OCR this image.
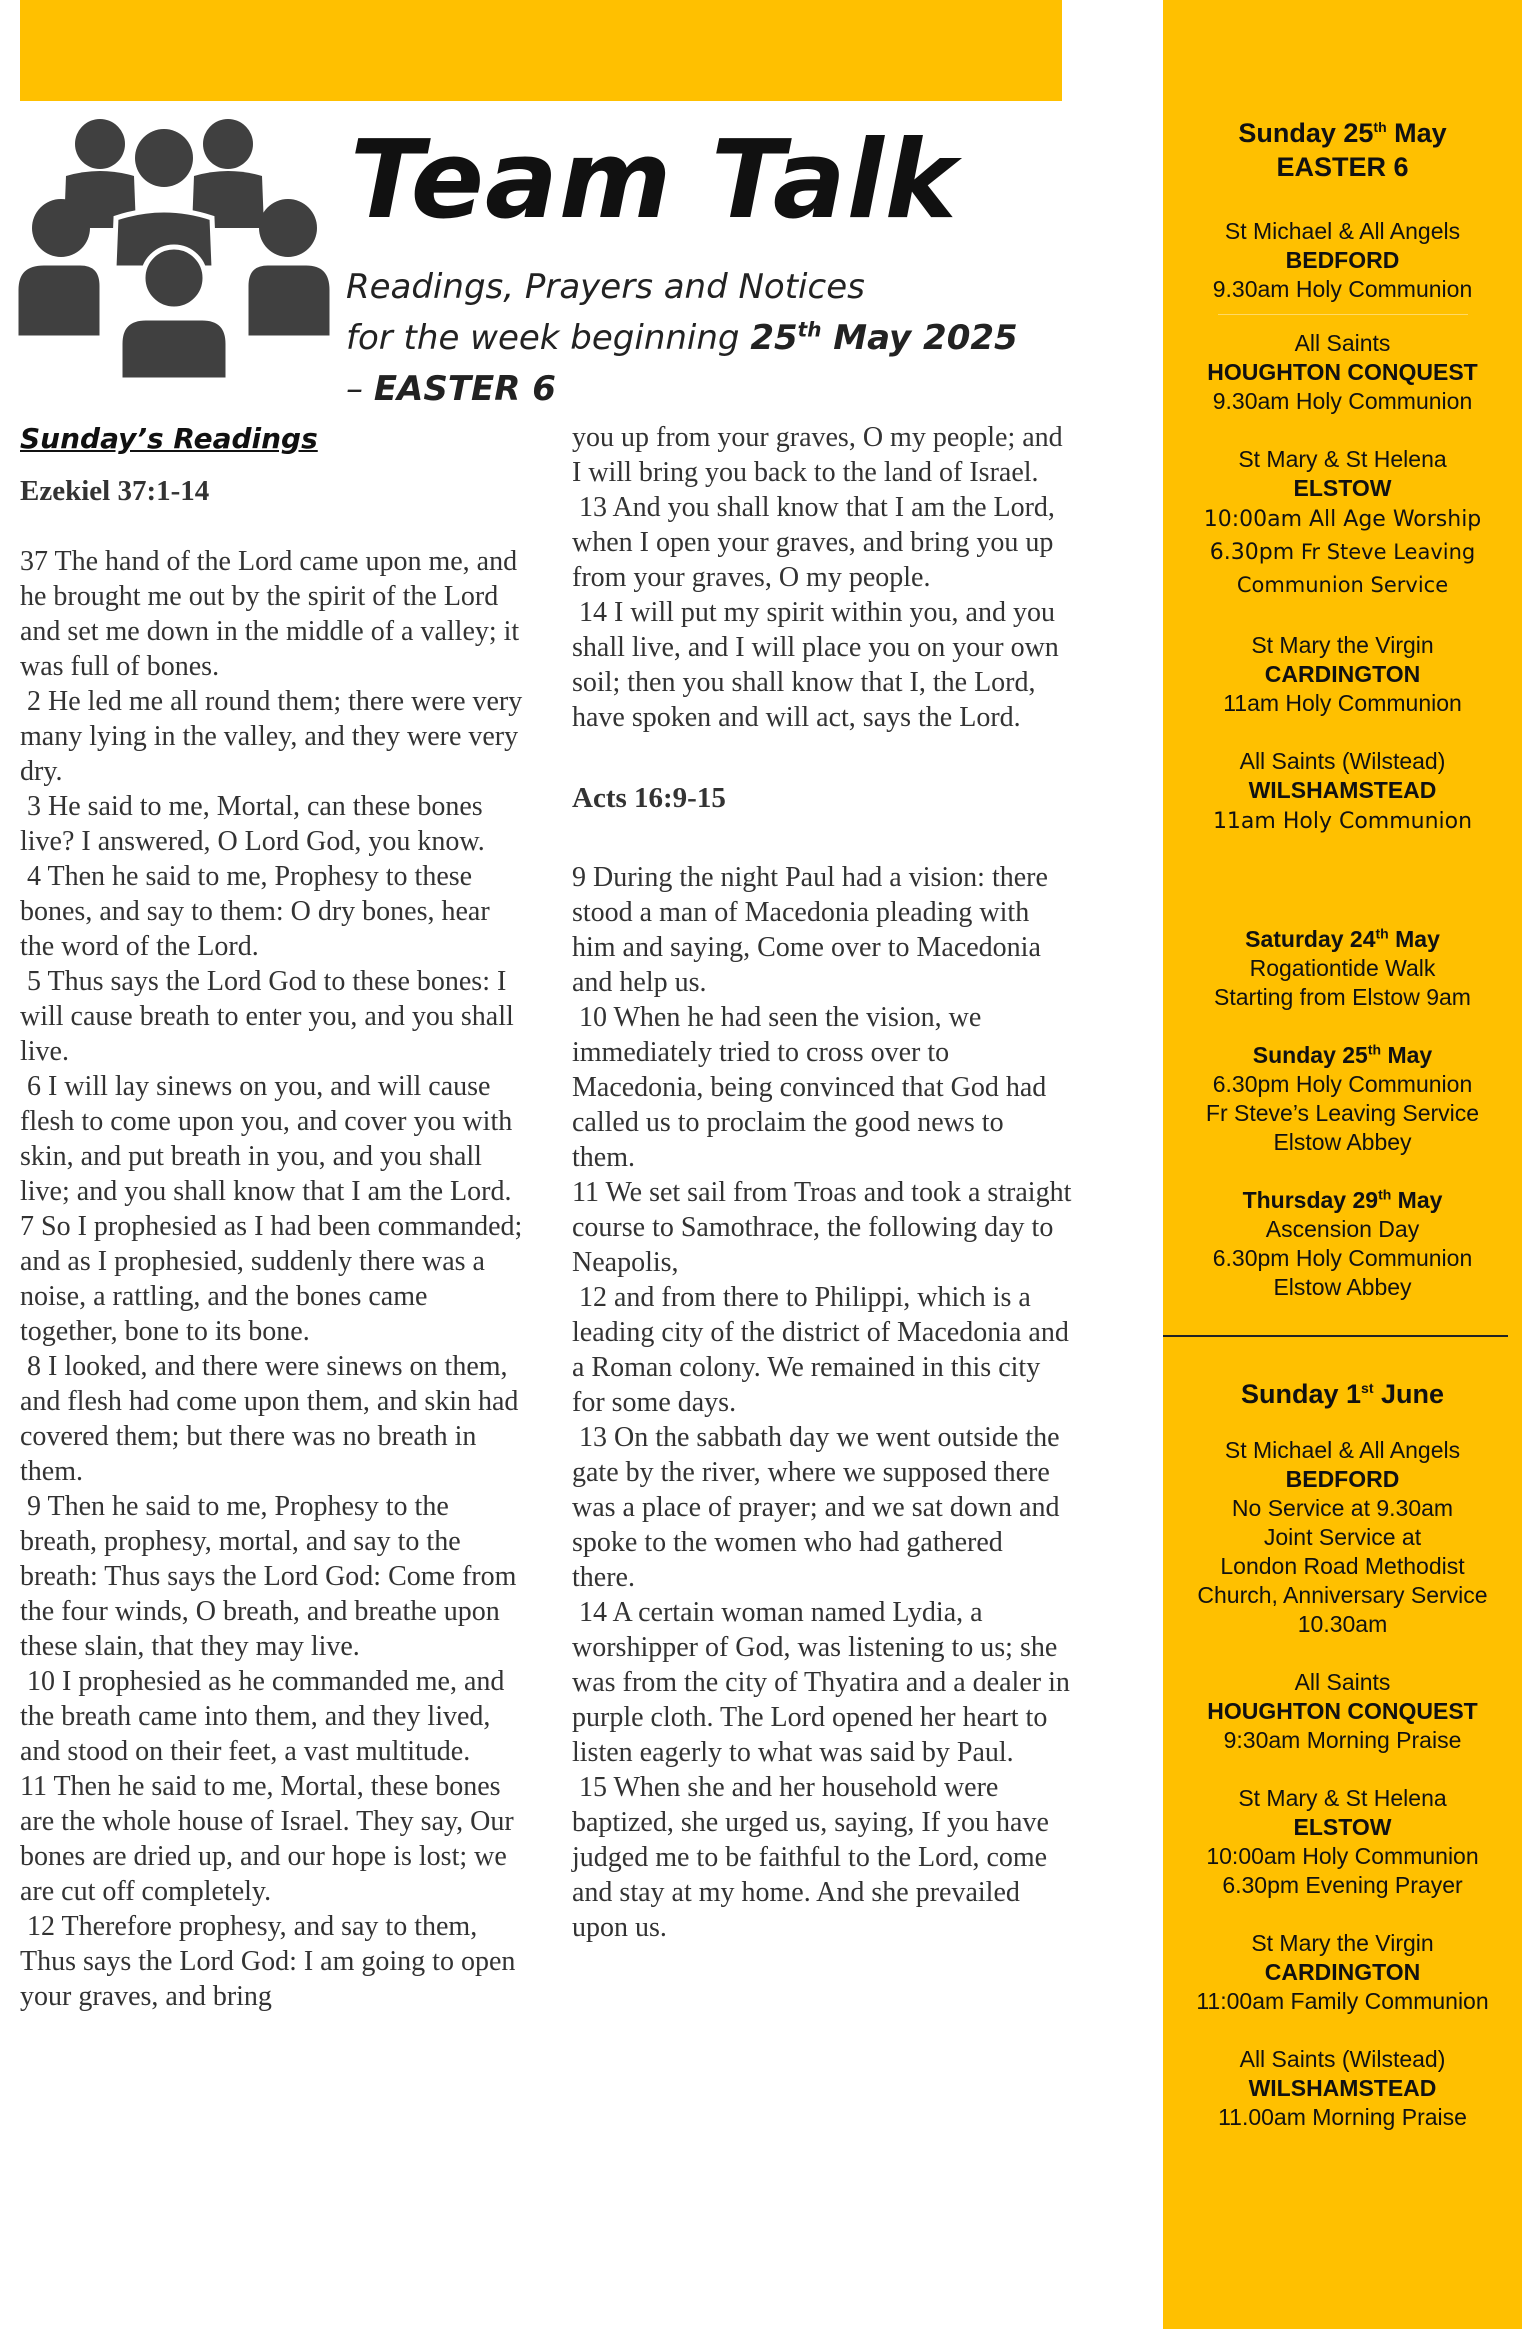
Team Talk
Readings, Prayers and Notices
for the week beginning 25th May 2025
– EASTER 6
Sunday’s Readings
Ezekiel 37:1-14
37 The hand of the Lord came upon me, and he brought me out by the spirit of the Lord and set me down in the middle of a valley; it was full of bones.
2 He led me all round them; there were very many lying in the valley, and they were very dry.
3 He said to me, Mortal, can these bones live? I answered, O Lord God, you know.
4 Then he said to me, Prophesy to these bones, and say to them: O dry bones, hear the word of the Lord.
5 Thus says the Lord God to these bones: I will cause breath to enter you, and you shall live.
6 I will lay sinews on you, and will cause flesh to come upon you, and cover you with skin, and put breath in you, and you shall live; and you shall know that I am the Lord.
7 So I prophesied as I had been commanded; and as I prophesied, suddenly there was a noise, a rattling, and the bones came together, bone to its bone.
8 I looked, and there were sinews on them, and flesh had come upon them, and skin had covered them; but there was no breath in them.
9 Then he said to me, Prophesy to the breath, prophesy, mortal, and say to the breath: Thus says the Lord God: Come from the four winds, O breath, and breathe upon these slain, that they may live.
10 I prophesied as he commanded me, and the breath came into them, and they lived, and stood on their feet, a vast multitude.
11 Then he said to me, Mortal, these bones are the whole house of Israel. They say, Our bones are dried up, and our hope is lost; we are cut off completely.
12 Therefore prophesy, and say to them, Thus says the Lord God: I am going to open your graves, and bring
you up from your graves, O my people; and I will bring you back to the land of Israel.
13 And you shall know that I am the Lord, when I open your graves, and bring you up from your graves, O my people.
14 I will put my spirit within you, and you shall live, and I will place you on your own soil; then you shall know that I, the Lord, have spoken and will act, says the Lord.
Acts 16:9-15
9 During the night Paul had a vision: there stood a man of Macedonia pleading with him and saying, Come over to Macedonia and help us.
10 When he had seen the vision, we immediately tried to cross over to Macedonia, being convinced that God had called us to proclaim the good news to them.
11 We set sail from Troas and took a straight course to Samothrace, the following day to Neapolis,
12 and from there to Philippi, which is a leading city of the district of Macedonia and a Roman colony. We remained in this city for some days.
13 On the sabbath day we went outside the gate by the river, where we supposed there was a place of prayer; and we sat down and spoke to the women who had gathered there.
14 A certain woman named Lydia, a worshipper of God, was listening to us; she was from the city of Thyatira and a dealer in purple cloth. The Lord opened her heart to listen eagerly to what was said by Paul.
15 When she and her household were baptized, she urged us, saying, If you have judged me to be faithful to the Lord, come and stay at my home. And she prevailed upon us.
Sunday 25th May
EASTER 6
St Michael & All Angels
BEDFORD
9.30am Holy Communion
All Saints
HOUGHTON CONQUEST
9.30am Holy Communion
St Mary & St Helena
ELSTOW
10:00am All Age Worship
6.30pm Fr Steve Leaving
Communion Service
St Mary the Virgin
CARDINGTON
11am Holy Communion
All Saints (Wilstead)
WILSHAMSTEAD
11am Holy Communion
Saturday 24th May
Rogationtide Walk
Starting from Elstow 9am
Sunday 25th May
6.30pm Holy Communion
Fr Steve’s Leaving Service
Elstow Abbey
Thursday 29th May
Ascension Day
6.30pm Holy Communion
Elstow Abbey
Sunday 1st June
St Michael & All Angels
BEDFORD
No Service at 9.30am
Joint Service at
London Road Methodist
Church, Anniversary Service
10.30am
All Saints
HOUGHTON CONQUEST
9:30am Morning Praise
St Mary & St Helena
ELSTOW
10:00am Holy Communion
6.30pm Evening Prayer
St Mary the Virgin
CARDINGTON
11:00am Family Communion
All Saints (Wilstead)
WILSHAMSTEAD
11.00am Morning Praise
